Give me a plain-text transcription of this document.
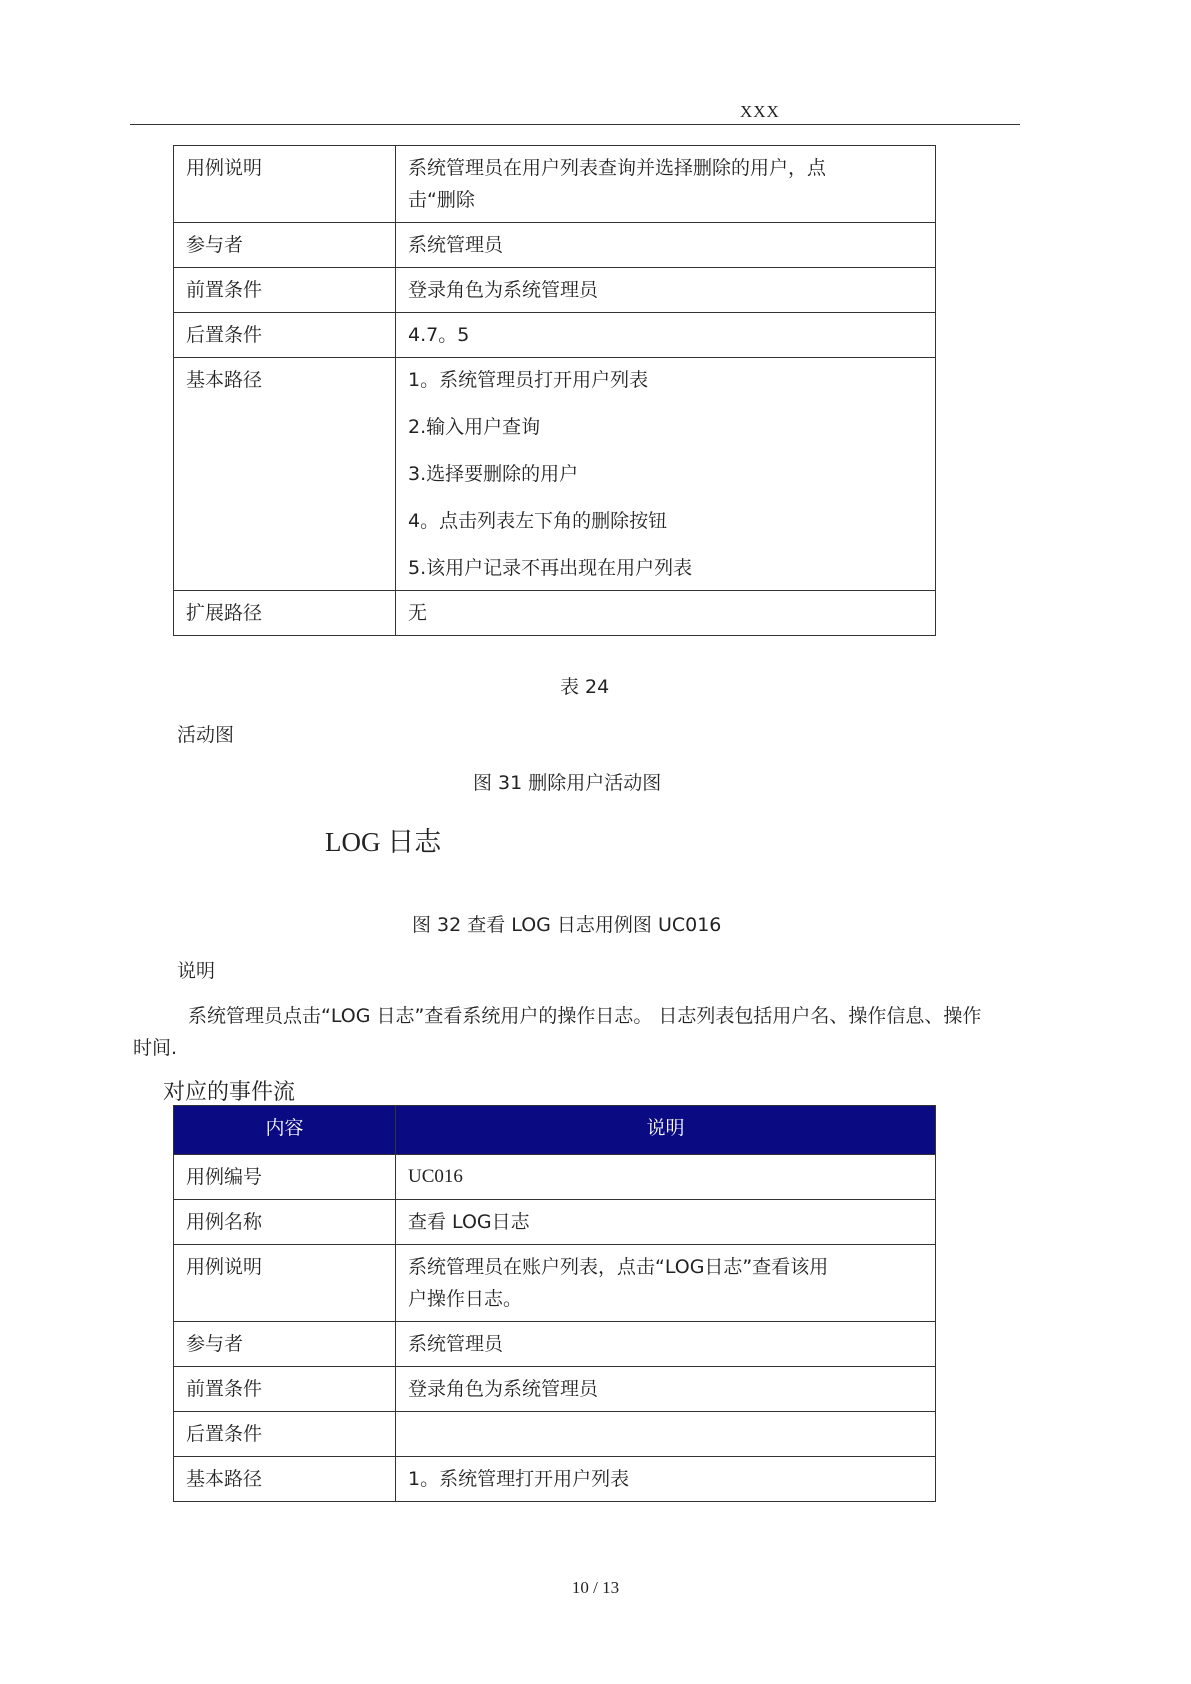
XXX
用例说明	系统管理员在用户列表查询并选择删除的用户，点
击“删除

参与者	系统管理员
前置条件	登录角色为系统管理员
后置条件	4.7。5
基本路径	1。系统管理员打开用户列表
2.输入用户查询
3.选择要删除的用户
4。点击列表左下角的删除按钮
5.该用户记录不再出现在用户列表

扩展路径	无
表 24
活动图
图 31 删除用户活动图
LOG 日志
图 32 查看 LOG 日志用例图 UC016
说明
系统管理员点击“LOG 日志”查看系统用户的操作日志。 日志列表包括用户名、操作信息、操作时间.
对应的事件流
内容	说明
用例编号	UC016
用例名称	查看 LOG日志
用例说明	系统管理员在账户列表，点击“LOG日志”查看该用
户操作日志。

参与者	系统管理员
前置条件	登录角色为系统管理员
后置条件	
基本路径	1。系统管理打开用户列表
10 / 13
